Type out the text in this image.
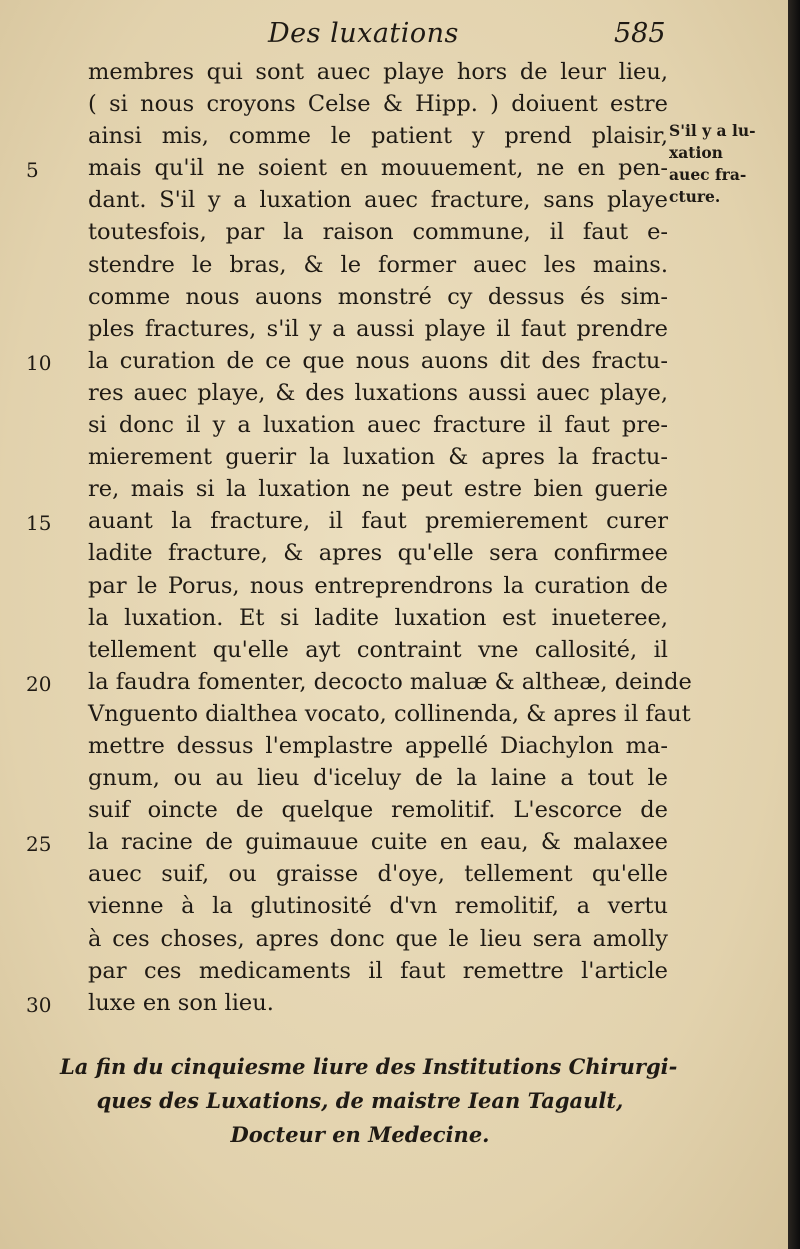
Des luxations	585
membres qui sont auec playe hors de leur lieu,
( si nous croyons Celse & Hipp. ) doiuent estre
ainsi mis, comme le patient y prend plaisir,
mais qu'il ne soient en mouuement, ne en pen-
dant. S'il y a luxation auec fracture, sans playe
toutesfois, par la raison commune, il faut e-
stendre le bras, & le former auec les mains.
comme nous auons monstré cy dessus és sim-
ples fractures, s'il y a aussi playe il faut prendre
la curation de ce que nous auons dit des fractu-
res auec playe, & des luxations aussi auec playe,
si donc il y a luxation auec fracture il faut pre-
mierement guerir la luxation & apres la fractu-
re, mais si la luxation ne peut estre bien guerie
auant la fracture, il faut premierement curer
ladite fracture, & apres qu'elle sera confirmee
par le Porus, nous entreprendrons la curation de
la luxation. Et si ladite luxation est inueteree,
tellement qu'elle ayt contraint vne callosité, il
la faudra fomenter, decocto maluæ & altheæ, deinde
Vnguento dialthea vocato, collinenda, & apres il faut
mettre dessus l'emplastre appellé Diachylon ma-
gnum, ou au lieu d'iceluy de la laine a tout le
suif oincte de quelque remolitif. L'escorce de
la racine de guimauue cuite en eau, & malaxee
auec suif, ou graisse d'oye, tellement qu'elle
vienne à la glutinosité d'vn remolitif, a vertu
à ces choses, apres donc que le lieu sera amolly
par ces medicaments il faut remettre l'article
luxe en son lieu.
5
10
15
20
25
30
S'il y a lu-
xation
auec fra-
cture.
La fin du cinquiesme liure des Institutions Chirurgi-
ques des Luxations, de maistre Iean Tagault,
Docteur en Medecine.
